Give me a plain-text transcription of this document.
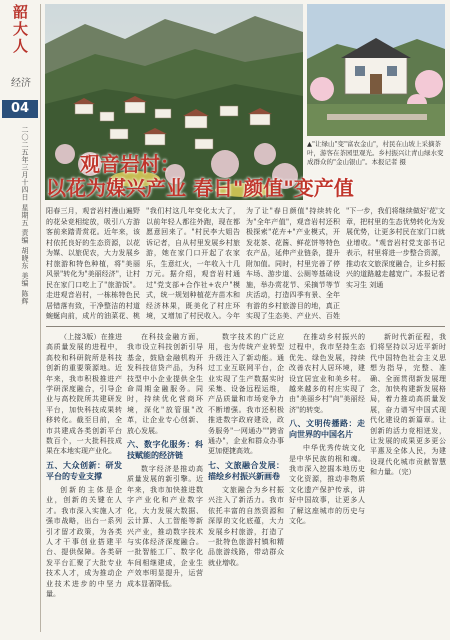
韶
大
人
经济
04
二〇二五年三月十四日 星期五 责编 胡晓东 美编 陈辉	▲"让绿山"变"富农金山"，村民在山坡上采摘茶叶，游客在茶园里观光。乡村振兴让青山绿水变成群众的"金山银山"。本报记者 摄
观音岩村：
以花为媒兴产业 春日"颜值"变产值
阳春三月，观音岩村漫山遍野的花朵竞相绽放，吸引八方游客前来踏青赏花。近年来，该村依托良好的生态资源，以花为媒、以旅促农，大力发展乡村旅游和特色种植，将"美丽风景"转化为"美丽经济"，让村民在家门口吃上了"旅游饭"。走进观音岩村，一栋栋特色民居错落有致，干净整洁的村道蜿蜒向前，成片的油菜花、桃
"我们村这几年变化太大了，以前年轻人都往外跑，现在都愿意回来了。"村民李大姐告诉记者，自从村里发展乡村旅游，她在家门口开起了农家乐，生意红火，一年收入十几万元。据介绍，观音岩村通过"党支部+合作社+农户"模式，统一规划种植花卉苗木和经济林果，既美化了村庄环境，又增加了村民收入。今年
为了让"春日颜值"持续转化为"全年产值"，观音岩村还积极探索"花卉+"产业模式，开发花茶、花酱、鲜花饼等特色农产品，延伸产业链条，提升附加值。同时，村里完善了停车场、游步道、公厕等基础设施，举办赏花节、采摘节等节庆活动，打造四季有景、全年有游的乡村旅游目的地，真正实现了生态美、产业兴、百姓
"下一步，我们将继续做好'花'文章，把村里的生态优势转化为发展优势，让更多村民在家门口就业增收。"观音岩村党支部书记表示，村里将进一步整合资源，推动农文旅深度融合，让乡村振兴的道路越走越宽广。本报记者 实习生 刘通

（上接3版）在推进高质量发展的进程中，高校和科研院所是科技创新的重要策源地。近年来，我市积极推进产学研深度融合，引导企业与高校院所共建研发平台，加快科技成果转移转化。截至目前，全市共建成各类创新平台数百个，一大批科技成果在本地实现产业化。

五、大众创新：研发平台的专业支撑

创新的主体是企业，创新的关键在人才。我市深入实施人才强市战略，出台一系列引才留才政策，为各类人才干事创业搭建平台、提供保障。各类研发平台汇聚了大批专业技术人才，成为推动企业技术进步的中坚力量。

在科技金融方面，我市设立科技创新引导基金，鼓励金融机构开发科技信贷产品，为科技型中小企业提供全生命周期金融服务。同时，持续优化营商环境，深化"放管服"改革，让企业专心创新、放心发展。

六、数字化服务：科技赋能的经济链

数字经济是推动高质量发展的新引擎。近年来，我市加快推进数字产业化和产业数字化，大力发展大数据、云计算、人工智能等新兴产业，推动数字技术与实体经济深度融合。一批智能工厂、数字化车间相继建成，企业生产效率明显提升，运营成本显著降低。

数字技术的广泛应用，也为传统产业转型升级注入了新动能。通过工业互联网平台，企业实现了生产数据实时采集、设备远程运维，产品质量和市场竞争力不断增强。我市还积极推进数字政府建设，政务服务"一网通办""跨省通办"，企业和群众办事更加便捷高效。

七、文旅融合发展：描绘乡村振兴新画卷

文旅融合为乡村振兴注入了新活力。我市依托丰富的自然资源和深厚的文化底蕴，大力发展乡村旅游，打造了一批特色旅游村镇和精品旅游线路，带动群众就业增收。

在推动乡村振兴的过程中，我市坚持生态优先、绿色发展，持续改善农村人居环境，建设宜居宜业和美乡村。越来越多的村庄实现了由"美丽乡村"向"美丽经济"的转变。

八、文明传播路：走向世界的中国名片

中华优秀传统文化是中华民族的根和魂。我市深入挖掘本地历史文化资源，推动非物质文化遗产保护传承，讲好中国故事，让更多人了解这座城市的历史与文化。

新时代新征程，我们将坚持以习近平新时代中国特色社会主义思想为指导，完整、准确、全面贯彻新发展理念，加快构建新发展格局，着力推动高质量发展，奋力谱写中国式现代化建设的新篇章。让创新的活力竞相迸发，让发展的成果更多更公平惠及全体人民，为建设现代化城市贡献智慧和力量。（完）
